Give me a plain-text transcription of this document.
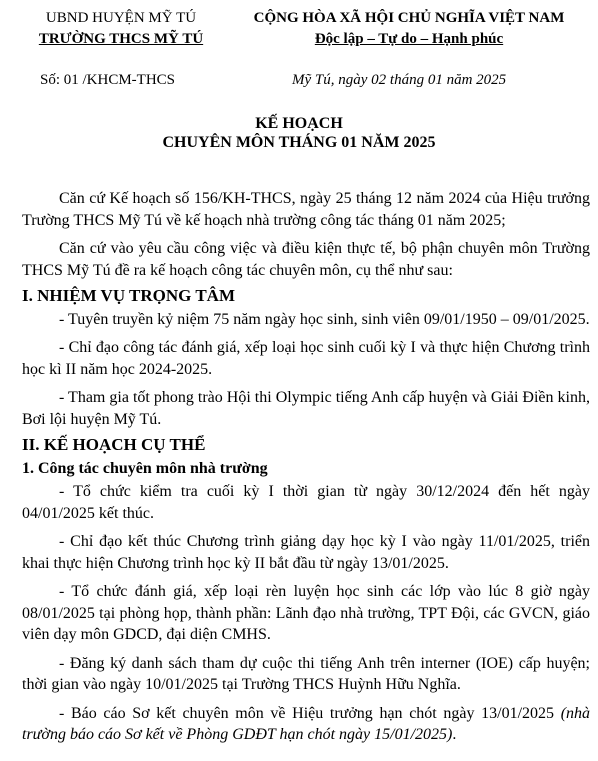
UBND HUYỆN MỸ TÚ
TRƯỜNG THCS MỸ TÚ
CỘNG HÒA XÃ HỘI CHỦ NGHĨA VIỆT NAM
Độc lập – Tự do – Hạnh phúc
Số: 01 /KHCM-THCS	Mỹ Tú, ngày 02 tháng 01 năm 2025
KẾ HOẠCH
CHUYÊN MÔN THÁNG 01 NĂM 2025

Căn cứ Kế hoạch số 156/KH-THCS, ngày 25 tháng 12 năm 2024 của Hiệu trưởng Trường THCS Mỹ Tú về kế hoạch nhà trường công tác tháng 01 năm 2025;

Căn cứ vào yêu cầu công việc và điều kiện thực tế, bộ phận chuyên môn Trường THCS Mỹ Tú đề ra kế hoạch công tác chuyên môn, cụ thể như sau:

I. NHIỆM VỤ TRỌNG TÂM

- Tuyên truyền kỷ niệm 75 năm ngày học sinh, sinh viên 09/01/1950 – 09/01/2025.

- Chỉ đạo công tác đánh giá, xếp loại học sinh cuối kỳ I và thực hiện Chương trình học kì II năm học 2024-2025.

- Tham gia tốt phong trào Hội thi Olympic tiếng Anh cấp huyện và Giải Điền kinh, Bơi lội huyện Mỹ Tú.

II. KẾ HOẠCH CỤ THỂ
1. Công tác chuyên môn nhà trường

- Tổ chức kiểm tra cuối kỳ I thời gian từ ngày 30/12/2024 đến hết ngày 04/01/2025 kết thúc.

- Chỉ đạo kết thúc Chương trình giảng dạy học kỳ I vào ngày 11/01/2025, triển khai thực hiện Chương trình học kỳ II bắt đầu từ ngày 13/01/2025.

- Tổ chức đánh giá, xếp loại rèn luyện học sinh các lớp vào lúc 8 giờ ngày 08/01/2025 tại phòng họp, thành phần: Lãnh đạo nhà trường, TPT Đội, các GVCN, giáo viên dạy môn GDCD, đại diện CMHS.

- Đăng ký danh sách tham dự cuộc thi tiếng Anh trên interner (IOE) cấp huyện; thời gian vào ngày 10/01/2025 tại Trường THCS Huỳnh Hữu Nghĩa.

- Báo cáo Sơ kết chuyên môn về Hiệu trưởng hạn chót ngày 13/01/2025 (nhà trường báo cáo Sơ kết về Phòng GDĐT hạn chót ngày 15/01/2025).
